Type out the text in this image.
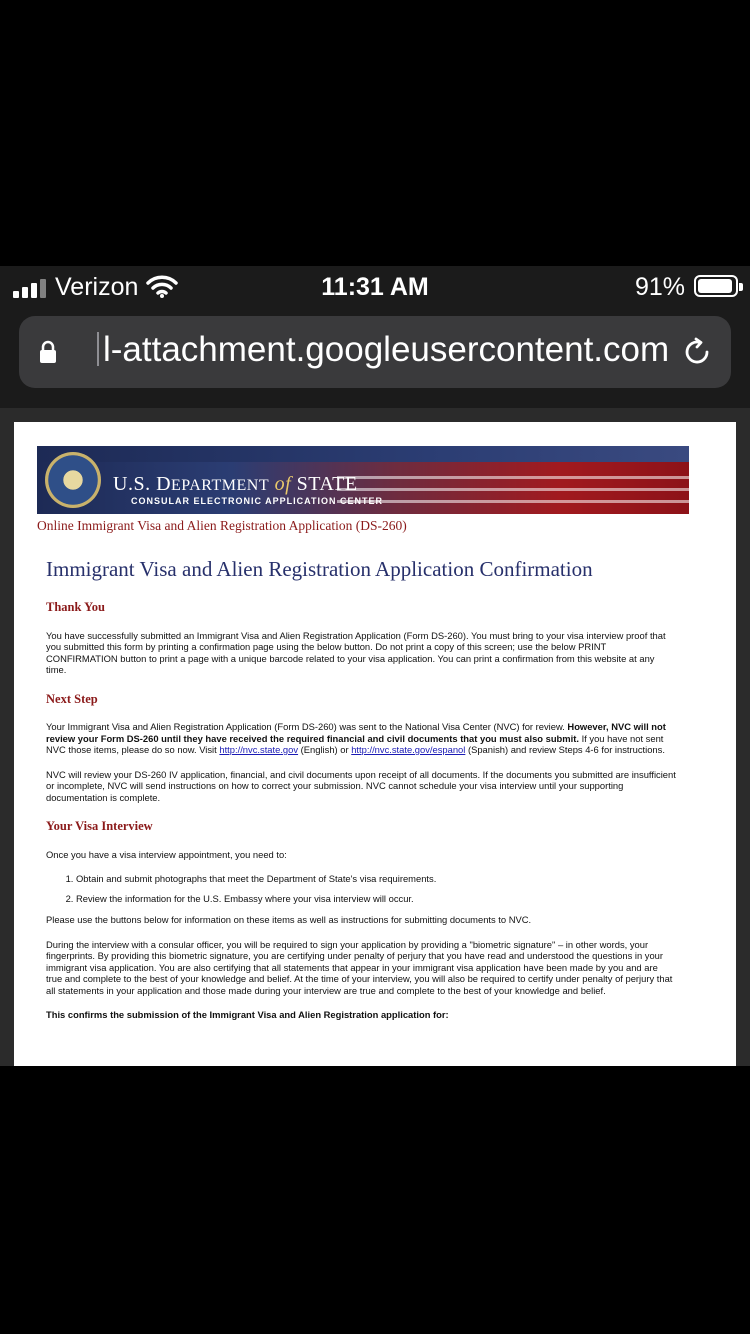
Verizon	11:31 AM	91%
l-attachment.googleusercontent.com
U.S. DEPARTMENT of STATE
CONSULAR ELECTRONIC APPLICATION CENTER
Online Immigrant Visa and Alien Registration Application (DS-260)
Immigrant Visa and Alien Registration Application Confirmation
Thank You

You have successfully submitted an Immigrant Visa and Alien Registration Application (Form DS-260). You must bring to your visa interview proof that you submitted this form by printing a confirmation page using the below button. Do not print a copy of this screen; use the below PRINT CONFIRMATION button to print a page with a unique barcode related to your visa application. You can print a confirmation from this website at any time.

Next Step

Your Immigrant Visa and Alien Registration Application (Form DS-260) was sent to the National Visa Center (NVC) for review. However, NVC will not review your Form DS-260 until they have received the required financial and civil documents that you must also submit. If you have not sent NVC those items, please do so now. Visit http://nvc.state.gov (English) or http://nvc.state.gov/espanol (Spanish) and review Steps 4-6 for instructions.

NVC will review your DS-260 IV application, financial, and civil documents upon receipt of all documents. If the documents you submitted are insufficient or incomplete, NVC will send instructions on how to correct your submission. NVC cannot schedule your visa interview until your supporting documentation is complete.

Your Visa Interview

Once you have a visa interview appointment, you need to:

1. Obtain and submit photographs that meet the Department of State's visa requirements.
2. Review the information for the U.S. Embassy where your visa interview will occur.

Please use the buttons below for information on these items as well as instructions for submitting documents to NVC.

During the interview with a consular officer, you will be required to sign your application by providing a "biometric signature" – in other words, your fingerprints. By providing this biometric signature, you are certifying under penalty of perjury that you have read and understood the questions in your immigrant visa application. You are also certifying that all statements that appear in your immigrant visa application have been made by you and are true and complete to the best of your knowledge and belief. At the time of your interview, you will also be required to certify under penalty of perjury that all statements in your application and those made during your interview are true and complete to the best of your knowledge and belief.

This confirms the submission of the Immigrant Visa and Alien Registration application for:
